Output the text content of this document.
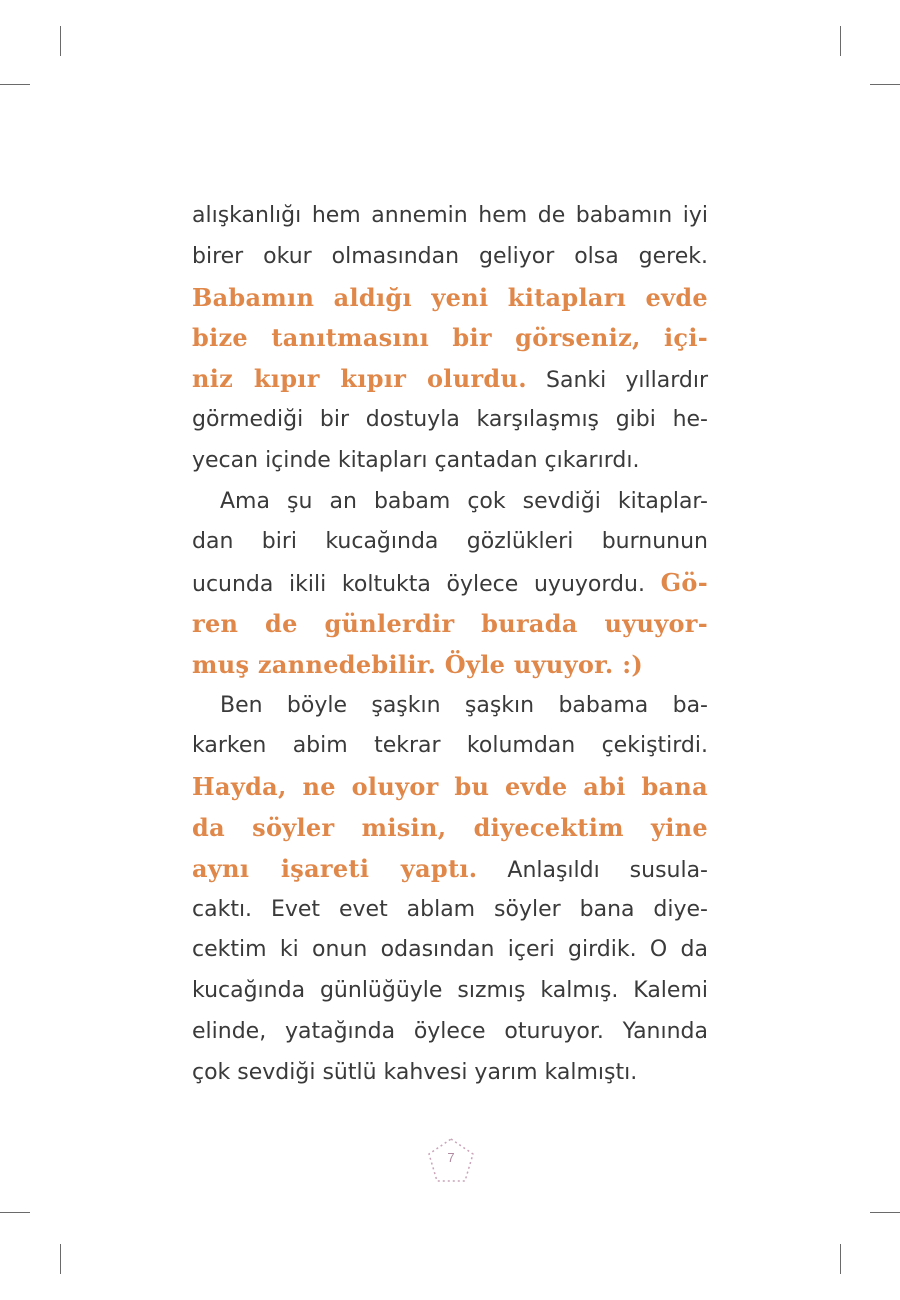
alışkanlığı hem annemin hem de babamın iyi
birer okur olmasından geliyor olsa gerek.
Babamın aldığı yeni kitapları evde
bize tanıtmasını bir görseniz, içi-
niz kıpır kıpır olurdu. Sanki yıllardır
görmediği bir dostuyla karşılaşmış gibi he-
yecan içinde kitapları çantadan çıkarırdı.
Ama şu an babam çok sevdiği kitaplar-
dan biri kucağında gözlükleri burnunun
ucunda ikili koltukta öylece uyuyordu. Gö-
ren de günlerdir burada uyuyor-
muş zannedebilir. Öyle uyuyor. :)
Ben böyle şaşkın şaşkın babama ba-
karken abim tekrar kolumdan çekiştirdi.
Hayda, ne oluyor bu evde abi bana
da söyler misin, diyecektim yine
aynı işareti yaptı. Anlaşıldı susula-
caktı. Evet evet ablam söyler bana diye-
cektim ki onun odasından içeri girdik. O da
kucağında günlüğüyle sızmış kalmış. Kalemi
elinde, yatağında öylece oturuyor. Yanında
çok sevdiği sütlü kahvesi yarım kalmıştı.
7
